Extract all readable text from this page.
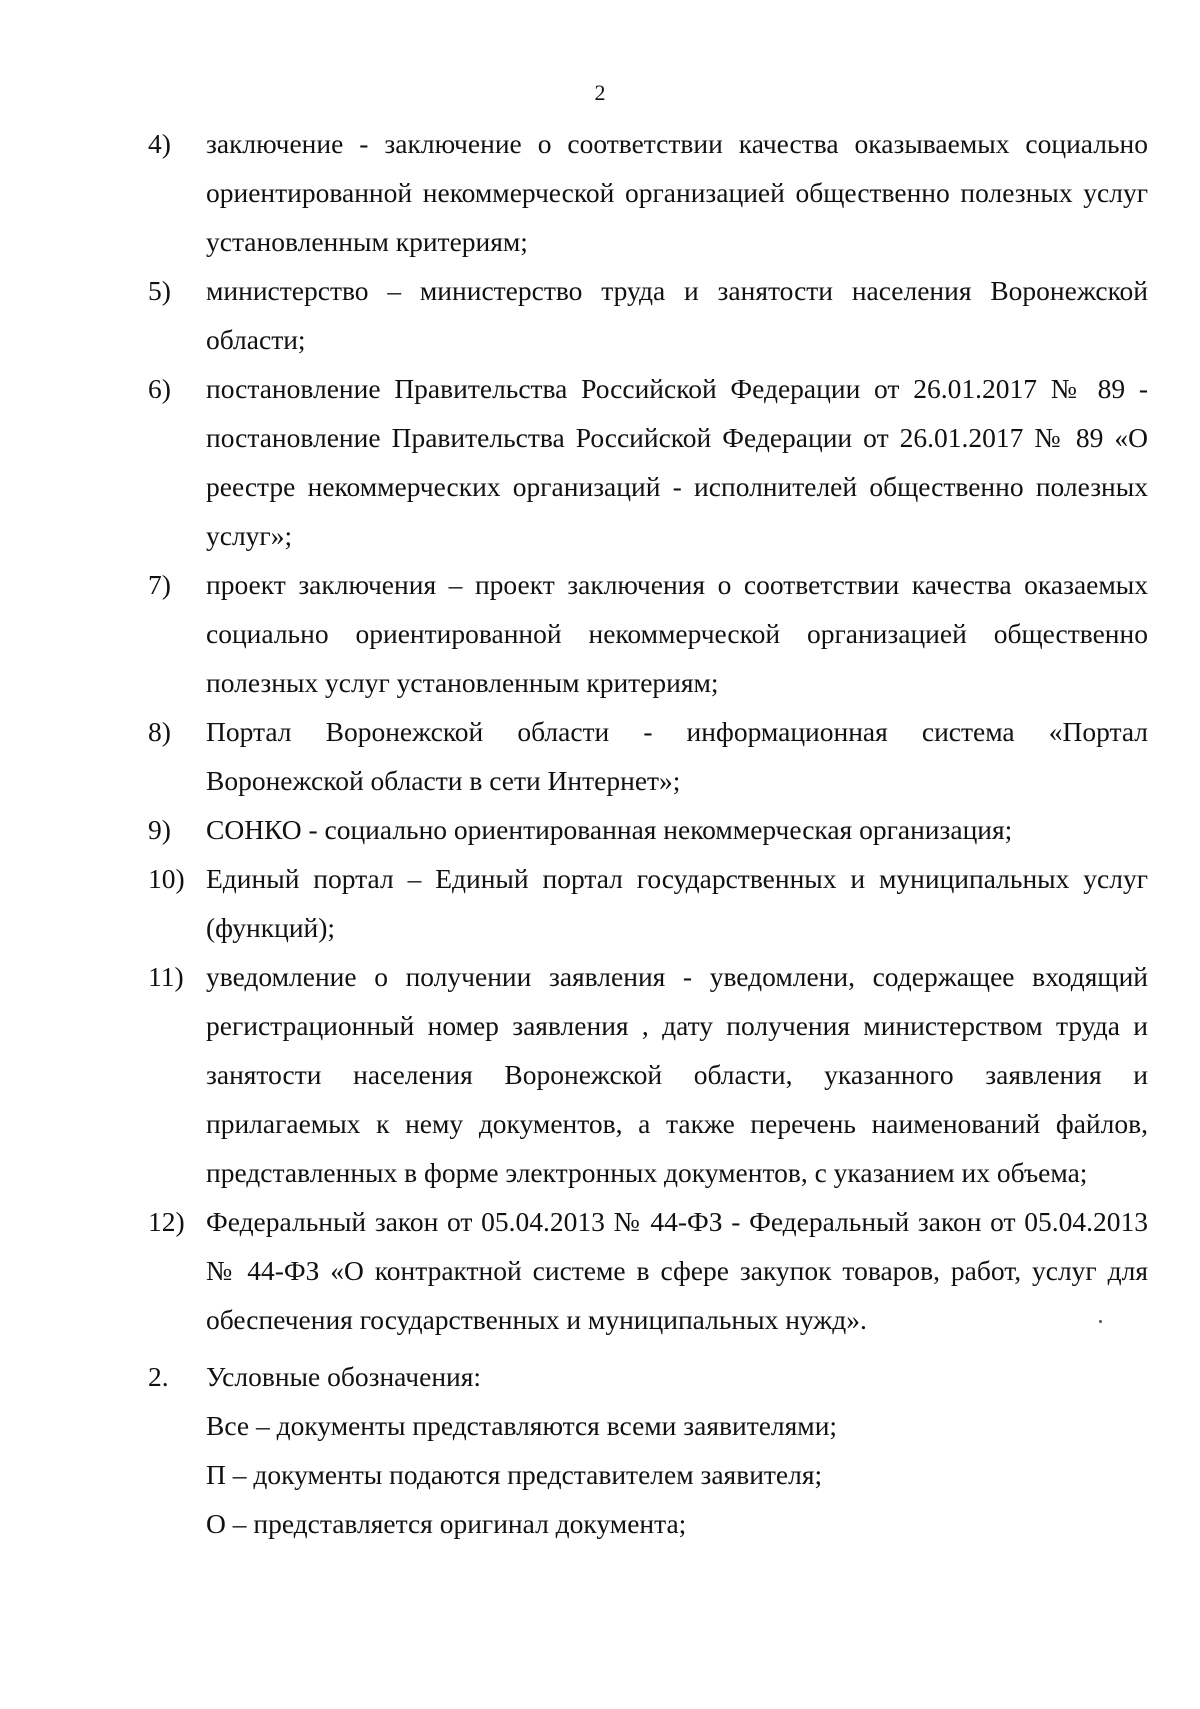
2
4) заключение - заключение о соответствии качества оказываемых социально ориентированной некоммерческой организацией общественно полезных услуг установленным критериям;
5) министерство – министерство труда и занятости населения Воронежской области;
6) постановление Правительства Российской Федерации от 26.01.2017 № 89 - постановление Правительства Российской Федерации от 26.01.2017 № 89 «О реестре некоммерческих организаций - исполнителей общественно полезных услуг»;
7) проект заключения – проект заключения о соответствии качества оказаемых социально ориентированной некоммерческой организацией общественно полезных услуг установленным критериям;
8) Портал Воронежской области - информационная система «Портал Воронежской области в сети Интернет»;
9) СОНКО - социально ориентированная некоммерческая организация;
10) Единый портал – Единый портал государственных и муниципальных услуг (функций);
11) уведомление о получении заявления - уведомлени, содержащее входящий регистрационный номер заявления , дату получения министерством труда и занятости населения Воронежской области, указанного заявления и прилагаемых к нему документов, а также перечень наименований файлов, представленных в форме электронных документов, с указанием их объема;
12) Федеральный закон от 05.04.2013 № 44-ФЗ - Федеральный закон от 05.04.2013 № 44-ФЗ «О контрактной системе в сфере закупок товаров, работ, услуг для обеспечения государственных и муниципальных нужд».
2. Условные обозначения:
Все – документы представляются всеми заявителями;
П – документы подаются представителем заявителя;
О – представляется оригинал документа;
